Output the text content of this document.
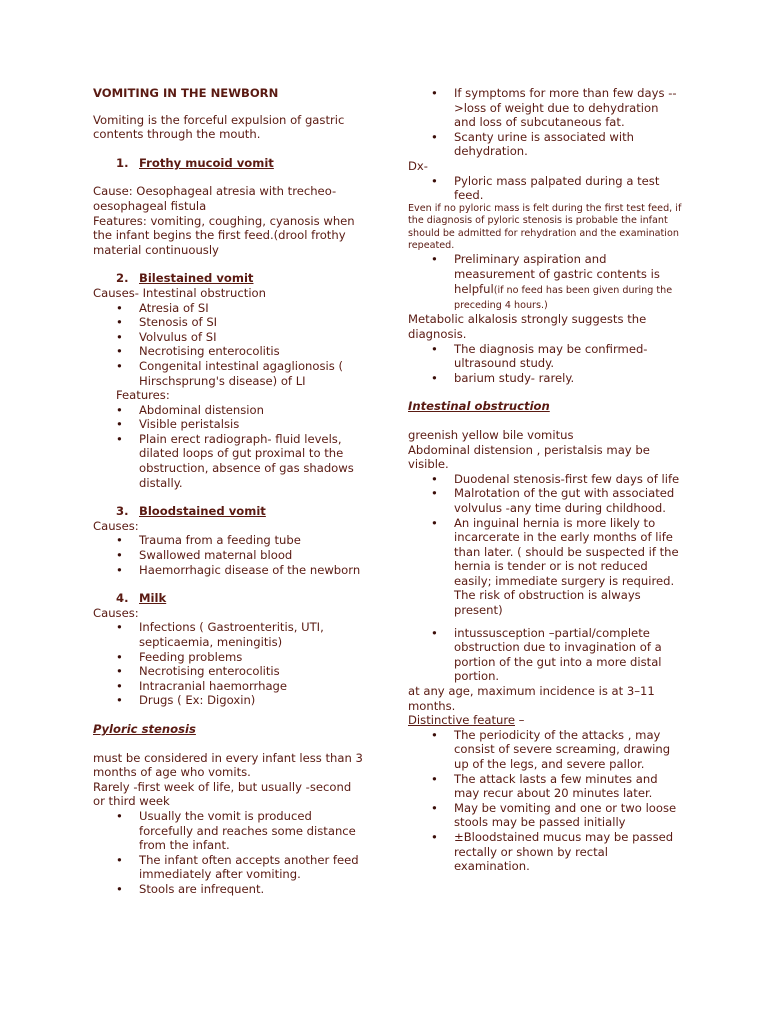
VOMITING IN THE NEWBORN

Vomiting is the forceful expulsion of gastric contents through the mouth.

1. Frothy mucoid vomit

Cause: Oesophageal atresia with trecheo-oesophageal fistula

Features: vomiting, coughing, cyanosis when the infant begins the first feed.(drool frothy material continuously

2. Bilestained vomit

Causes- Intestinal obstruction

• Atresia of SI
• Stenosis of SI
• Volvulus of SI
• Necrotising enterocolitis
• Congenital intestinal agaglionosis ( Hirschsprung's disease) of LI

Features:

• Abdominal distension
• Visible peristalsis
• Plain erect radiograph- fluid levels, dilated loops of gut proximal to the obstruction, absence of gas shadows distally.

3. Bloodstained vomit

Causes:

• Trauma from a feeding tube
• Swallowed maternal blood
• Haemorrhagic disease of the newborn

4. Milk

Causes:

• Infections ( Gastroenteritis, UTI, septicaemia, meningitis)
• Feeding problems
• Necrotising enterocolitis
• Intracranial haemorrhage
• Drugs ( Ex: Digoxin)

Pyloric stenosis

must be considered in every infant less than 3 months of age who vomits.

Rarely -first week of life, but usually -second or third week

• Usually the vomit is produced forcefully and reaches some distance from the infant.
• The infant often accepts another feed immediately after vomiting.
• Stools are infrequent.
• If symptoms for more than few days -->loss of weight due to dehydration and loss of subcutaneous fat.
• Scanty urine is associated with dehydration.

Dx-

• Pyloric mass palpated during a test feed.

Even if no pyloric mass is felt during the first test feed, if the diagnosis of pyloric stenosis is probable the infant should be admitted for rehydration and the examination repeated.

• Preliminary aspiration and measurement of gastric contents is helpful(if no feed has been given during the preceding 4 hours.)

Metabolic alkalosis strongly suggests the diagnosis.

• The diagnosis may be confirmed-ultrasound study.
• barium study- rarely.

Intestinal obstruction

greenish yellow bile vomitus

Abdominal distension , peristalsis may be visible.

• Duodenal stenosis-first few days of life
• Malrotation of the gut with associated volvulus -any time during childhood.
• An inguinal hernia is more likely to incarcerate in the early months of life than later. ( should be suspected if the hernia is tender or is not reduced easily; immediate surgery is required. The risk of obstruction is always present)
• intussusception –partial/complete obstruction due to invagination of a portion of the gut into a more distal portion.

at any age, maximum incidence is at 3–11 months.

Distinctive feature –

• The periodicity of the attacks , may consist of severe screaming, drawing up of the legs, and severe pallor.
• The attack lasts a few minutes and may recur about 20 minutes later.
• May be vomiting and one or two loose stools may be passed initially
• ±Bloodstained mucus may be passed rectally or shown by rectal examination.
